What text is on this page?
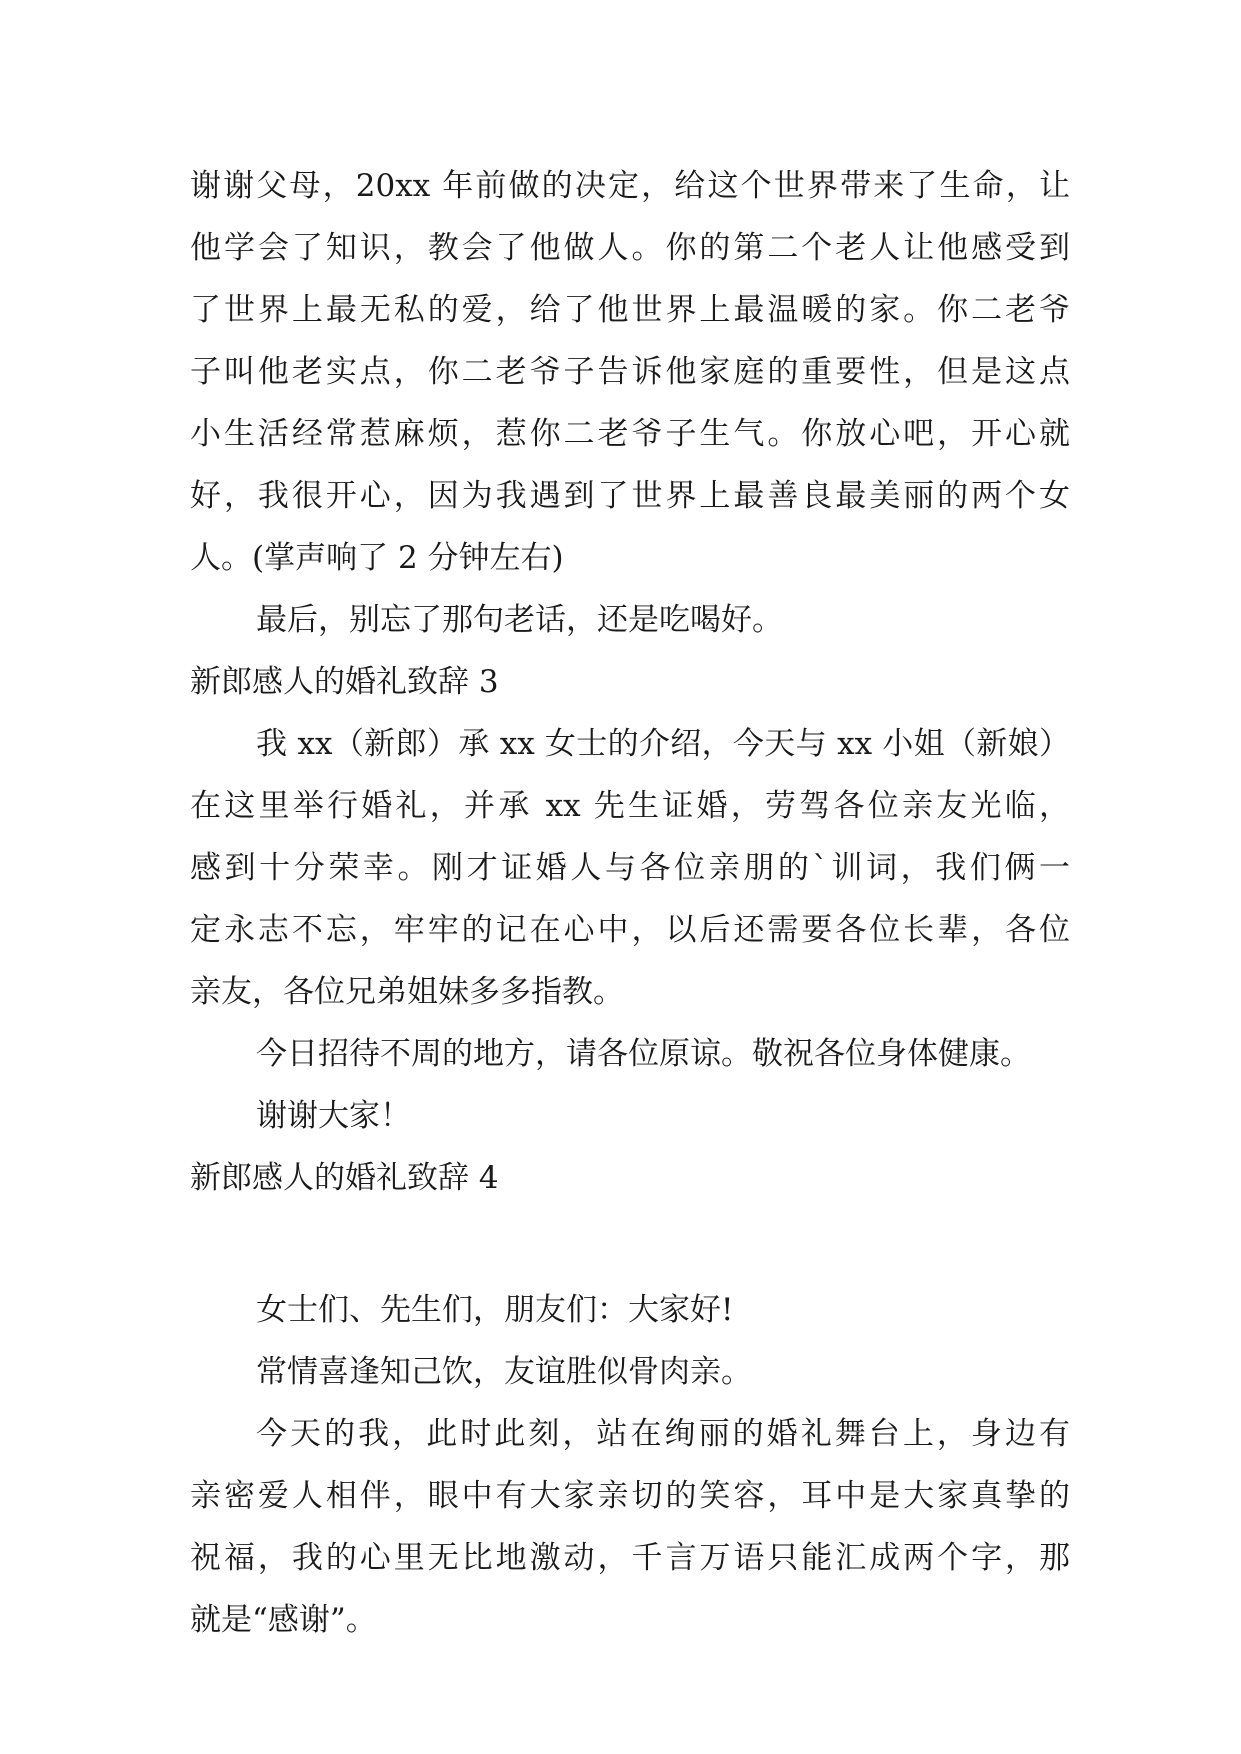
谢谢父母，20xx 年前做的决定，给这个世界带来了生命，让
他学会了知识，教会了他做人。你的第二个老人让他感受到
了世界上最无私的爱，给了他世界上最温暖的家。你二老爷
子叫他老实点，你二老爷子告诉他家庭的重要性，但是这点
小生活经常惹麻烦，惹你二老爷子生气。你放心吧，开心就
好，我很开心，因为我遇到了世界上最善良最美丽的两个女
人。(掌声响了 2 分钟左右)
最后，别忘了那句老话，还是吃喝好。
新郎感人的婚礼致辞 3
我 xx（新郎）承 xx 女士的介绍，今天与 xx 小姐（新娘）
在这里举行婚礼，并承 xx 先生证婚，劳驾各位亲友光临，
感到十分荣幸。刚才证婚人与各位亲朋的`训词，我们俩一
定永志不忘，牢牢的记在心中，以后还需要各位长辈，各位
亲友，各位兄弟姐妹多多指教。
今日招待不周的地方，请各位原谅。敬祝各位身体健康。
谢谢大家！
新郎感人的婚礼致辞 4
女士们、先生们，朋友们：大家好!
常情喜逢知己饮，友谊胜似骨肉亲。
今天的我，此时此刻，站在绚丽的婚礼舞台上，身边有
亲密爱人相伴，眼中有大家亲切的笑容，耳中是大家真挚的
祝福，我的心里无比地激动，千言万语只能汇成两个字，那
就是“感谢”。
